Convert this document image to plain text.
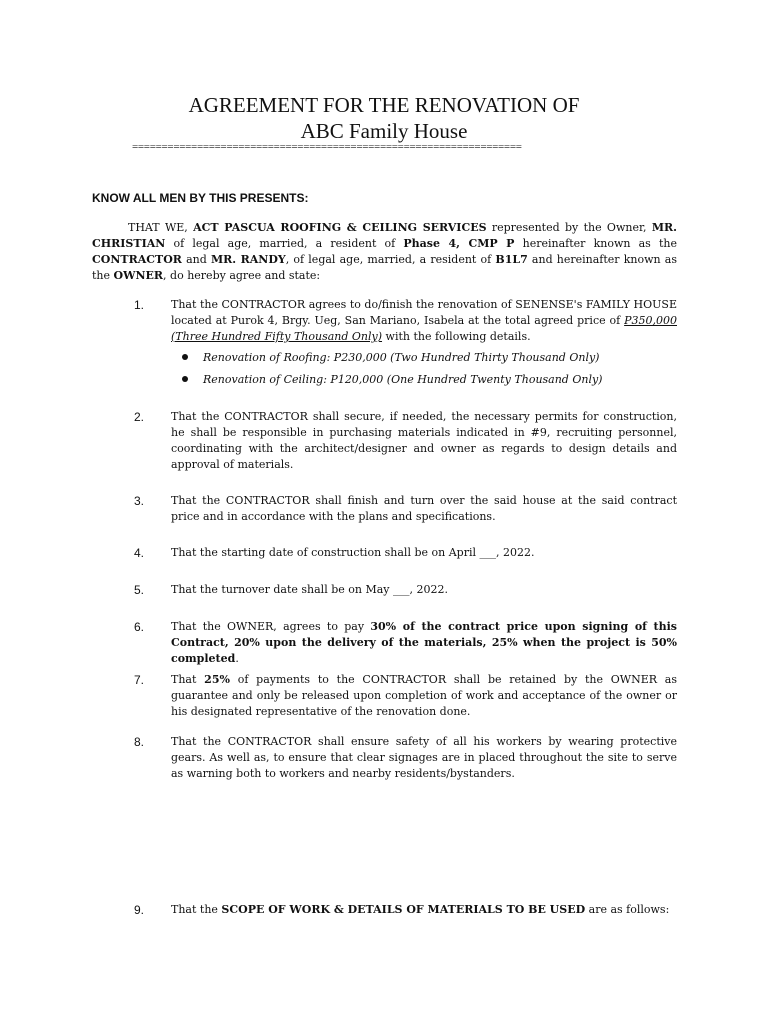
AGREEMENT FOR THE RENOVATION OF
ABC Family House
==================================================================
KNOW ALL MEN BY THIS PRESENTS:
THAT WE, ACT PASCUA ROOFING & CEILING SERVICES represented by the Owner, MR. CHRISTIAN of legal age, married, a resident of Phase 4, CMP P hereinafter known as the CONTRACTOR and MR. RANDY, of legal age, married, a resident of B1L7 and hereinafter known as the OWNER, do hereby agree and state:
1. That the CONTRACTOR agrees to do/finish the renovation of SENENSE's FAMILY HOUSE located at Purok 4, Brgy. Ueg, San Mariano, Isabela at the total agreed price of P350,000 (Three Hundred Fifty Thousand Only) with the following details.
Renovation of Roofing: P230,000 (Two Hundred Thirty Thousand Only)
Renovation of Ceiling: P120,000 (One Hundred Twenty Thousand Only)
2. That the CONTRACTOR shall secure, if needed, the necessary permits for construction, he shall be responsible in purchasing materials indicated in #9, recruiting personnel, coordinating with the architect/designer and owner as regards to design details and approval of materials.
3. That the CONTRACTOR shall finish and turn over the said house at the said contract price and in accordance with the plans and specifications.
4. That the starting date of construction shall be on April ___, 2022.
5. That the turnover date shall be on May ___, 2022.
6. That the OWNER, agrees to pay 30% of the contract price upon signing of this Contract, 20% upon the delivery of the materials, 25% when the project is 50% completed.
7. That 25% of payments to the CONTRACTOR shall be retained by the OWNER as guarantee and only be released upon completion of work and acceptance of the owner or his designated representative of the renovation done.
8. That the CONTRACTOR shall ensure safety of all his workers by wearing protective gears. As well as, to ensure that clear signages are in placed throughout the site to serve as warning both to workers and nearby residents/bystanders.
9. That the SCOPE OF WORK & DETAILS OF MATERIALS TO BE USED are as follows:
